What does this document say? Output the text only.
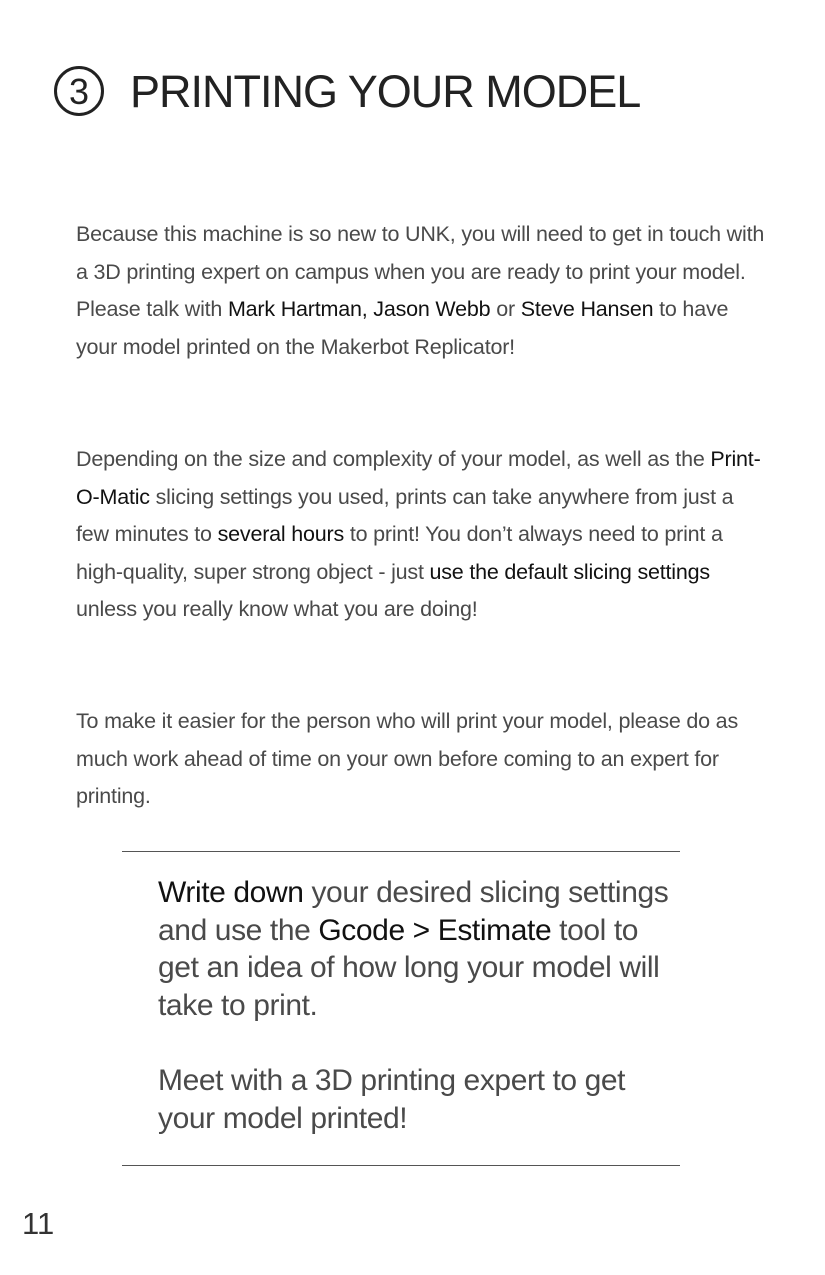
3 PRINTING YOUR MODEL

Because this machine is so new to UNK, you will need to get in touch with a 3D printing expert on campus when you are ready to print your model. Please talk with Mark Hartman, Jason Webb or Steve Hansen to have your model printed on the Makerbot Replicator!

Depending on the size and complexity of your model, as well as the Print-O-Matic slicing settings you used, prints can take anywhere from just a few minutes to several hours to print! You don’t always need to print a high-quality, super strong object - just use the default slicing settings unless you really know what you are doing!

To make it easier for the person who will print your model, please do as much work ahead of time on your own before coming to an expert for printing.

Write down your desired slicing settings and use the Gcode > Estimate tool to get an idea of how long your model will take to print.

Meet with a 3D printing expert to get your model printed!

11
